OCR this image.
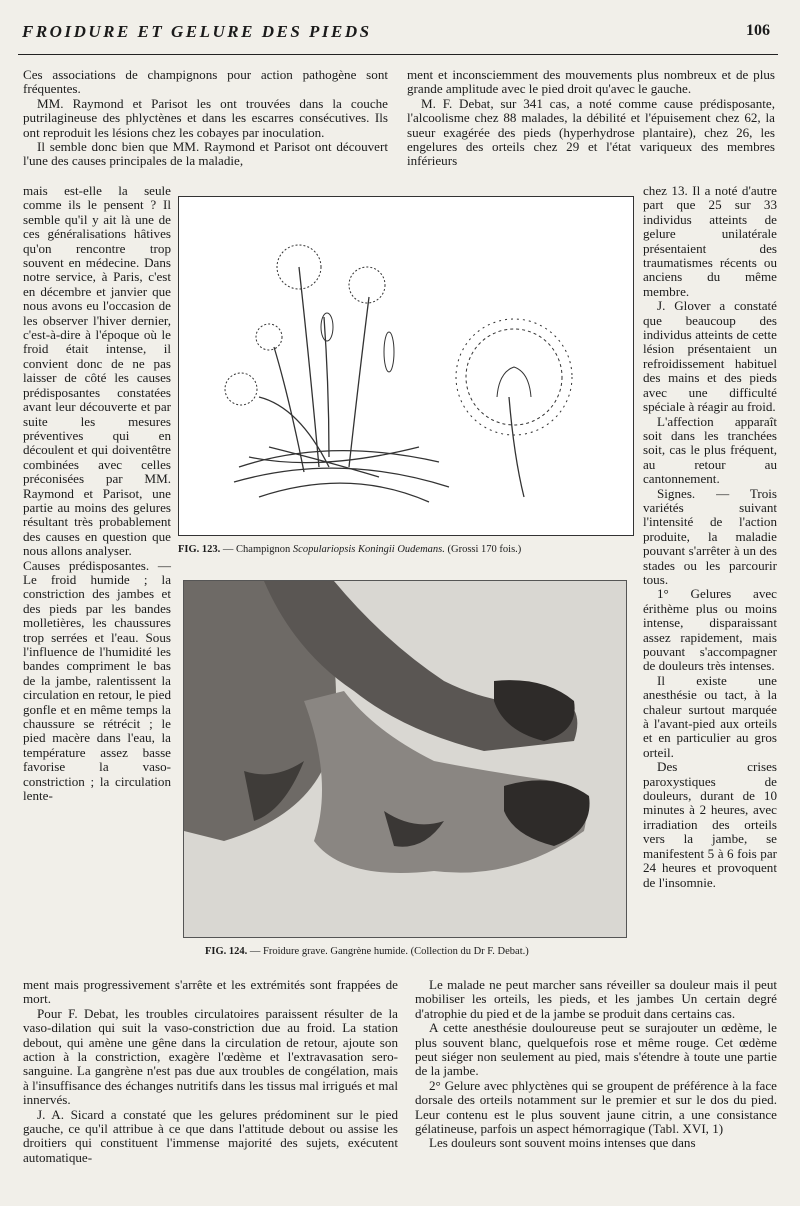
FROIDURE ET GELURE DES PIEDS	106

Ces associations de champignons pour action pathogène sont fréquentes.

MM. Raymond et Parisot les ont trouvées dans la couche putrilagineuse des phlyctènes et dans les escarres consécutives. Ils ont reproduit les lésions chez les cobayes par inoculation.

Il semble donc bien que MM. Raymond et Parisot ont découvert l'une des causes principales de la maladie,

mais est-elle la seule comme ils le pensent ? Il semble qu'il y ait là une de ces généralisations hâtives qu'on rencontre trop souvent en médecine. Dans notre service, à Paris, c'est en décembre et janvier que nous avons eu l'occasion de les observer l'hiver dernier, c'est-à-dire à l'époque où le froid était intense, il convient donc de ne pas laisser de côté les causes prédisposantes constatées avant leur découverte et par suite les mesures préventives qui en découlent et qui doiventêtre combinées avec celles préconisées par MM. Raymond et Parisot, une partie au moins des gelures résultant très probablement des causes en question que nous allons analyser.

Causes prédisposantes. — Le froid humide ; la constriction des jambes et des pieds par les bandes molletières, les chaussures trop serrées et l'eau. Sous l'influence de l'humidité les bandes compriment le bas de la jambe, ralentissent la circulation en retour, le pied gonfle et en même temps la chaussure se rétrécit ; le pied macère dans l'eau, la température assez basse favorise la vaso-constriction ; la circulation lente-

ment mais progressivement s'arrête et les extrémités sont frappées de mort.

Pour F. Debat, les troubles circulatoires paraissent résulter de la vaso-dilation qui suit la vaso-constriction due au froid. La station debout, qui amène une gêne dans la circulation de retour, ajoute son action à la constriction, exagère l'œdème et l'extravasation sero-sanguine. La gangrène n'est pas due aux troubles de congélation, mais à l'insuffisance des échanges nutritifs dans les tissus mal irrigués et mal innervés.

J. A. Sicard a constaté que les gelures prédominent sur le pied gauche, ce qu'il attribue à ce que dans l'attitude debout ou assise les droitiers qui constituent l'immense majorité des sujets, exécutent automatique-

ment et inconsciemment des mouvements plus nombreux et de plus grande amplitude avec le pied droit qu'avec le gauche.

M. F. Debat, sur 341 cas, a noté comme cause prédisposante, l'alcoolisme chez 88 malades, la débilité et l'épuisement chez 62, la sueur exagérée des pieds (hyperhydrose plantaire), chez 26, les engelures des orteils chez 29 et l'état variqueux des membres inférieurs

chez 13. Il a noté d'autre part que 25 sur 33 individus atteints de gelure unilatérale présentaient des traumatismes récents ou anciens du même membre.

J. Glover a constaté que beaucoup des individus atteints de cette lésion présentaient un refroidissement habituel des mains et des pieds avec une difficulté spéciale à réagir au froid.

L'affection apparaît soit dans les tranchées soit, cas le plus fréquent, au retour au cantonnement.

Signes. — Trois variétés suivant l'intensité de l'action produite, la maladie pouvant s'arrêter à un des stades ou les parcourir tous.

1° Gelures avec érithème plus ou moins intense, disparaissant assez rapidement, mais pouvant s'accompagner de douleurs très intenses.

Il existe une anesthésie ou tact, à la chaleur surtout marquée à l'avant-pied aux orteils et en particulier au gros orteil.

Des crises paroxystiques de douleurs, durant de 10 minutes à 2 heures, avec irradiation des orteils vers la jambe, se manifestent 5 à 6 fois par 24 heures et provoquent de l'insomnie.

Le malade ne peut marcher sans réveiller sa douleur mais il peut mobiliser les orteils, les pieds, et les jambes Un certain degré d'atrophie du pied et de la jambe se produit dans certains cas.

A cette anesthésie douloureuse peut se surajouter un œdème, le plus souvent blanc, quelquefois rose et même rouge. Cet œdème peut siéger non seulement au pied, mais s'étendre à toute une partie de la jambe.

2° Gelure avec phlyctènes qui se groupent de préférence à la face dorsale des orteils notamment sur le premier et sur le dos du pied. Leur contenu est le plus souvent jaune citrin, a une consistance gélatineuse, parfois un aspect hémorragique (Tabl. XVI, 1)

Les douleurs sont souvent moins intenses que dans

FIG. 123. — Champignon Scopulariopsis Koningii Oudemans. (Grossi 170 fois.)
FIG. 124. — Froidure grave. Gangrène humide. (Collection du Dr F. Debat.)
